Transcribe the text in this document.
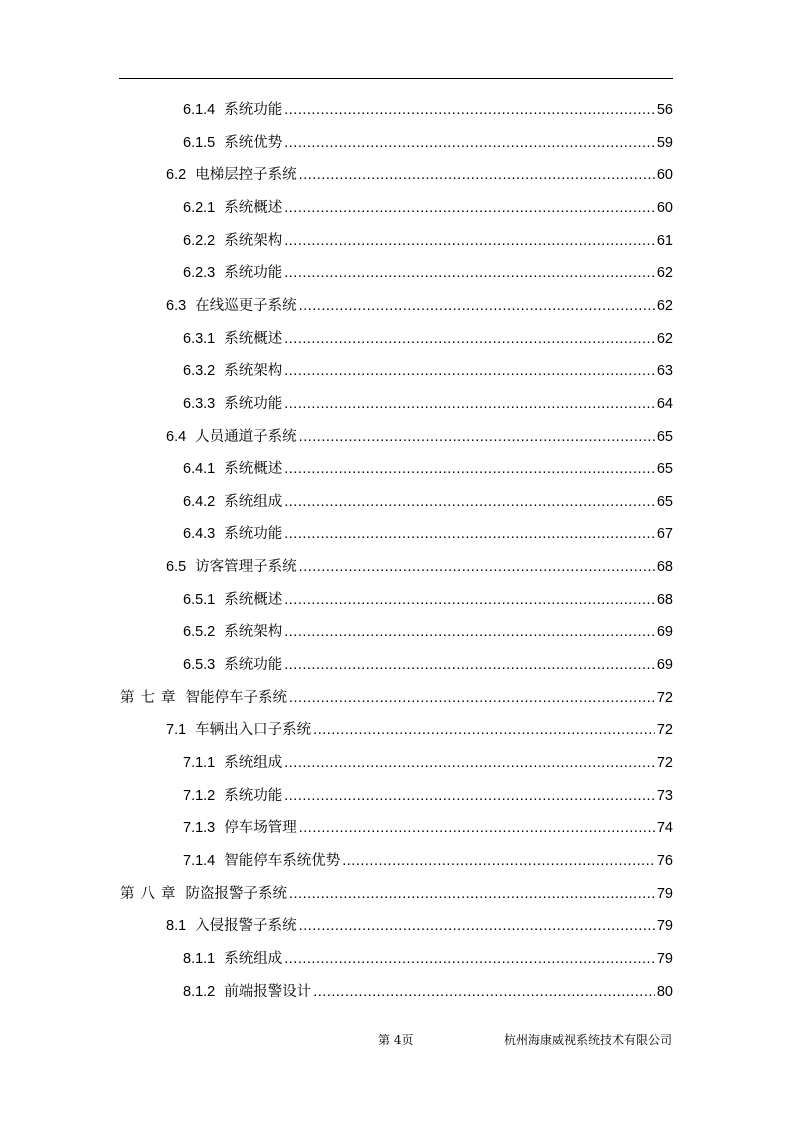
6.1.4 系统功能 .....	56
6.1.5 系统优势 .....	59
6.2 电梯层控子系统 .....	60
6.2.1 系统概述 .....	60
6.2.2 系统架构 .....	61
6.2.3 系统功能 .....	62
6.3 在线巡更子系统 .....	62
6.3.1 系统概述 .....	62
6.3.2 系统架构 .....	63
6.3.3 系统功能 .....	64
6.4 人员通道子系统 .....	65
6.4.1 系统概述 .....	65
6.4.2 系统组成 .....	65
6.4.3 系统功能 .....	67
6.5 访客管理子系统 .....	68
6.5.1 系统概述 .....	68
6.5.2 系统架构 .....	69
6.5.3 系统功能 .....	69
第七章 智能停车子系统 .....	72
7.1 车辆出入口子系统 .....	72
7.1.1 系统组成 .....	72
7.1.2 系统功能 .....	73
7.1.3 停车场管理 .....	74
7.1.4 智能停车系统优势 .....	76
第八章 防盗报警子系统 .....	79
8.1 入侵报警子系统 .....	79
8.1.1 系统组成 .....	79
8.1.2 前端报警设计 .....	80
第 4页	杭州海康威视系统技术有限公司
